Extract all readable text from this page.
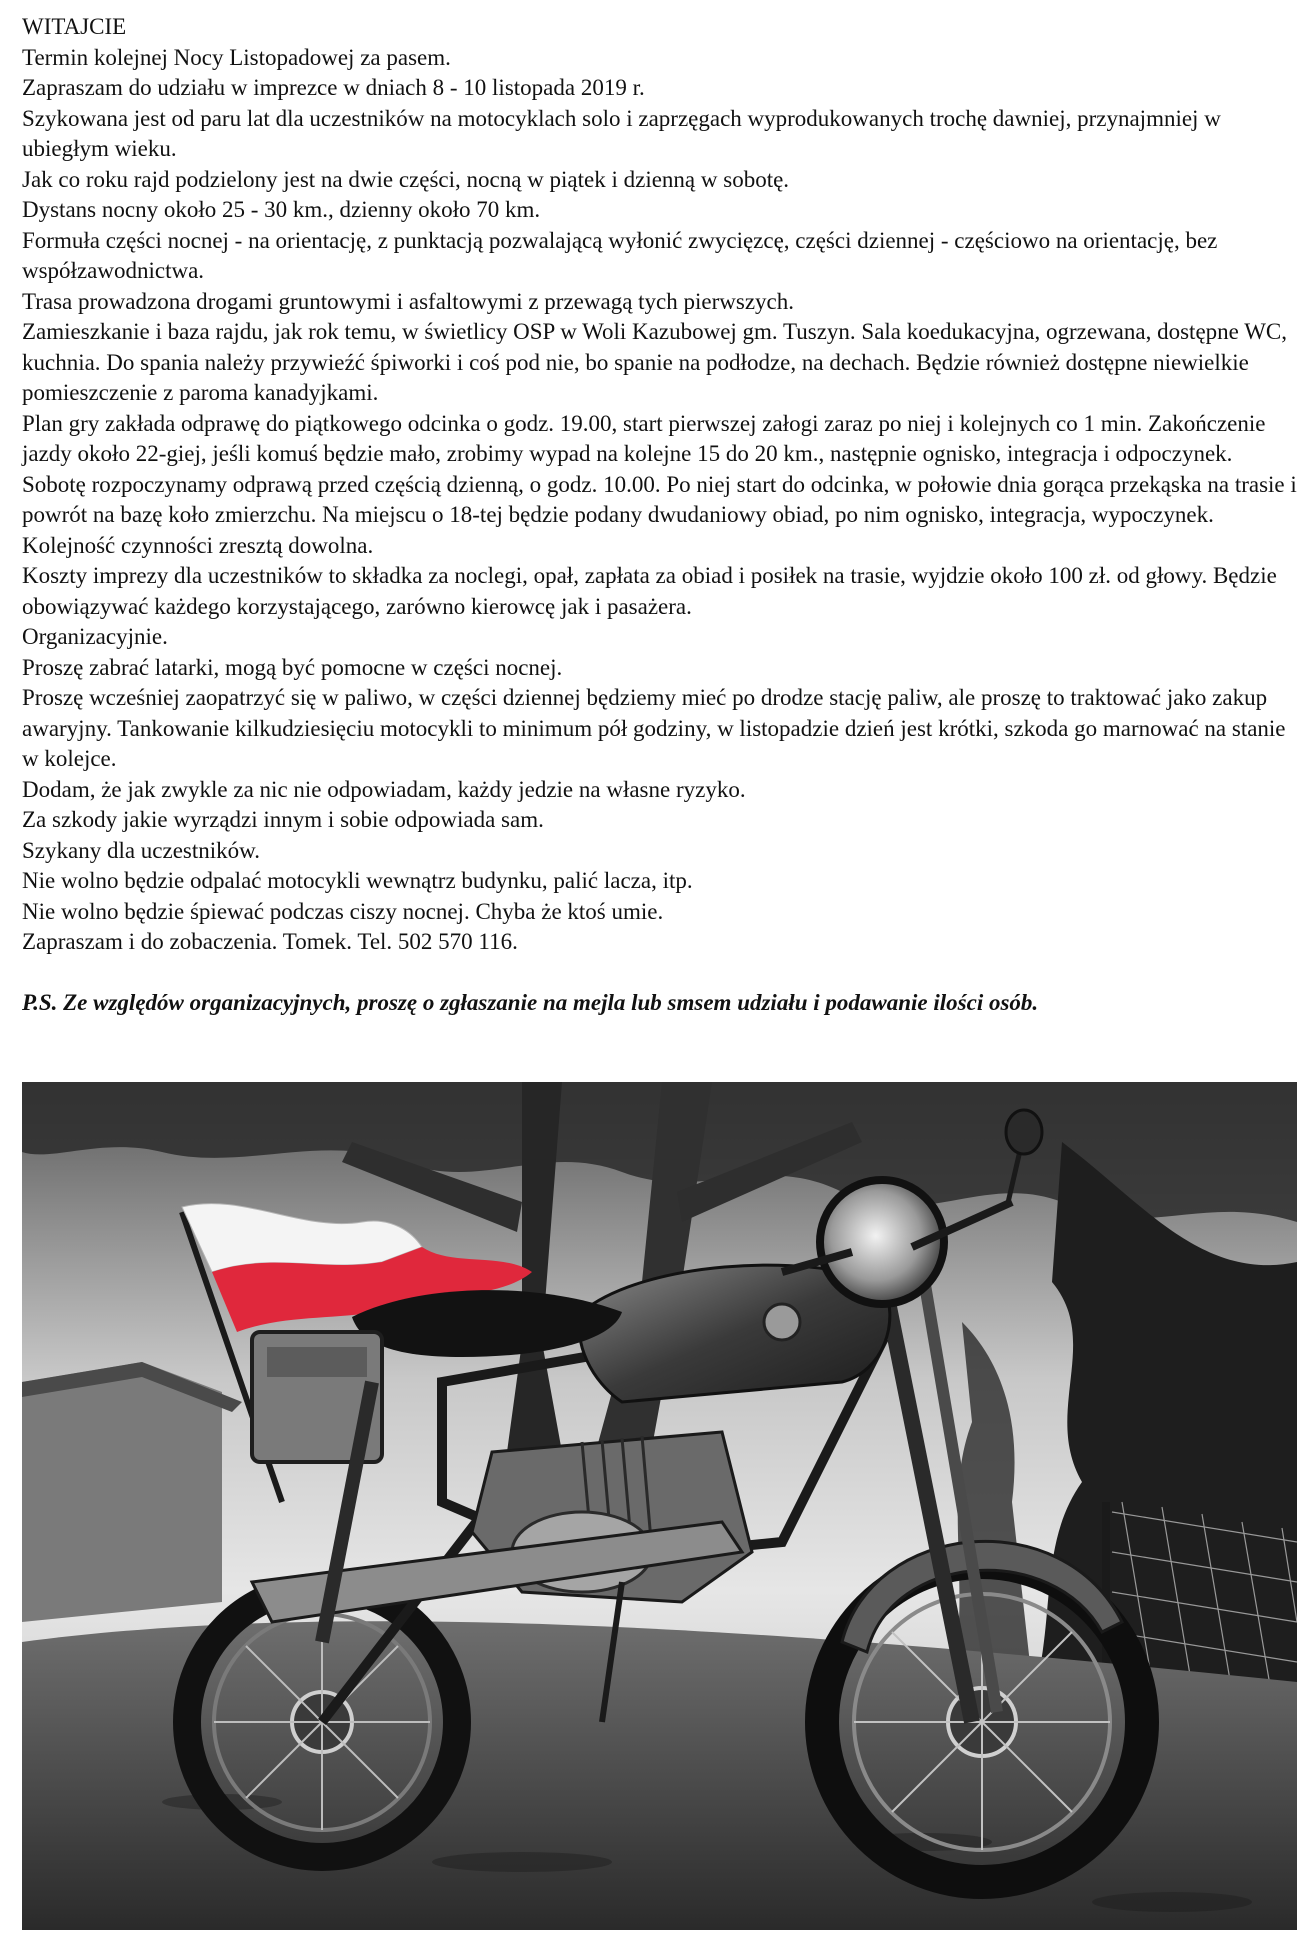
WITAJCIE
Termin kolejnej Nocy Listopadowej za pasem.
Zapraszam do udziału w imprezce w dniach 8 - 10 listopada 2019 r.
Szykowana jest od paru lat dla uczestników na motocyklach solo i zaprzęgach wyprodukowanych trochę dawniej, przynajmniej w ubiegłym wieku.
Jak co roku rajd podzielony jest na dwie części, nocną w piątek i dzienną w sobotę.
Dystans nocny około 25 - 30 km., dzienny około 70 km.
Formuła części nocnej - na orientację, z punktacją pozwalającą wyłonić zwycięzcę, części dziennej - częściowo na orientację, bez współzawodnictwa.
Trasa prowadzona drogami gruntowymi i asfaltowymi z przewagą tych pierwszych.
Zamieszkanie i baza rajdu, jak rok temu, w świetlicy OSP w Woli Kazubowej gm. Tuszyn. Sala koedukacyjna, ogrzewana, dostępne WC, kuchnia. Do spania należy przywieźć śpiworki i coś pod nie, bo spanie na podłodze, na dechach. Będzie również dostępne niewielkie pomieszczenie z paroma kanadyjkami.
Plan gry zakłada odprawę do piątkowego odcinka o godz. 19.00, start pierwszej załogi zaraz po niej i kolejnych co 1 min. Zakończenie jazdy około 22-giej, jeśli komuś będzie mało, zrobimy wypad na kolejne 15 do 20 km., następnie ognisko, integracja i odpoczynek.
Sobotę rozpoczynamy odprawą przed częścią dzienną, o godz. 10.00. Po niej start do odcinka, w połowie dnia gorąca przekąska na trasie i powrót na bazę koło zmierzchu. Na miejscu o 18-tej będzie podany dwudaniowy obiad, po nim ognisko, integracja, wypoczynek. Kolejność czynności zresztą dowolna.
Koszty imprezy dla uczestników to składka za noclegi, opał, zapłata za obiad i posiłek na trasie, wyjdzie około 100 zł. od głowy. Będzie obowiązywać każdego korzystającego, zarówno kierowcę jak i pasażera.
Organizacyjnie.
Proszę zabrać latarki, mogą być pomocne w części nocnej.
Proszę wcześniej zaopatrzyć się w paliwo, w części dziennej będziemy mieć po drodze stację paliw, ale proszę to traktować jako zakup awaryjny. Tankowanie kilkudziesięciu motocykli to minimum pół godziny, w listopadzie dzień jest krótki, szkoda go marnować na stanie w kolejce.
Dodam, że jak zwykle za nic nie odpowiadam, każdy jedzie na własne ryzyko.
Za szkody jakie wyrządzi innym i sobie odpowiada sam.
Szykany dla uczestników.
Nie wolno będzie odpalać motocykli wewnątrz budynku, palić lacza, itp.
Nie wolno będzie śpiewać podczas ciszy nocnej. Chyba że ktoś umie.
Zapraszam i do zobaczenia. Tomek. Tel. 502 570 116.
P.S. Ze względów organizacyjnych, proszę o zgłaszanie na mejla lub smsem udziału i podawanie ilości osób.
